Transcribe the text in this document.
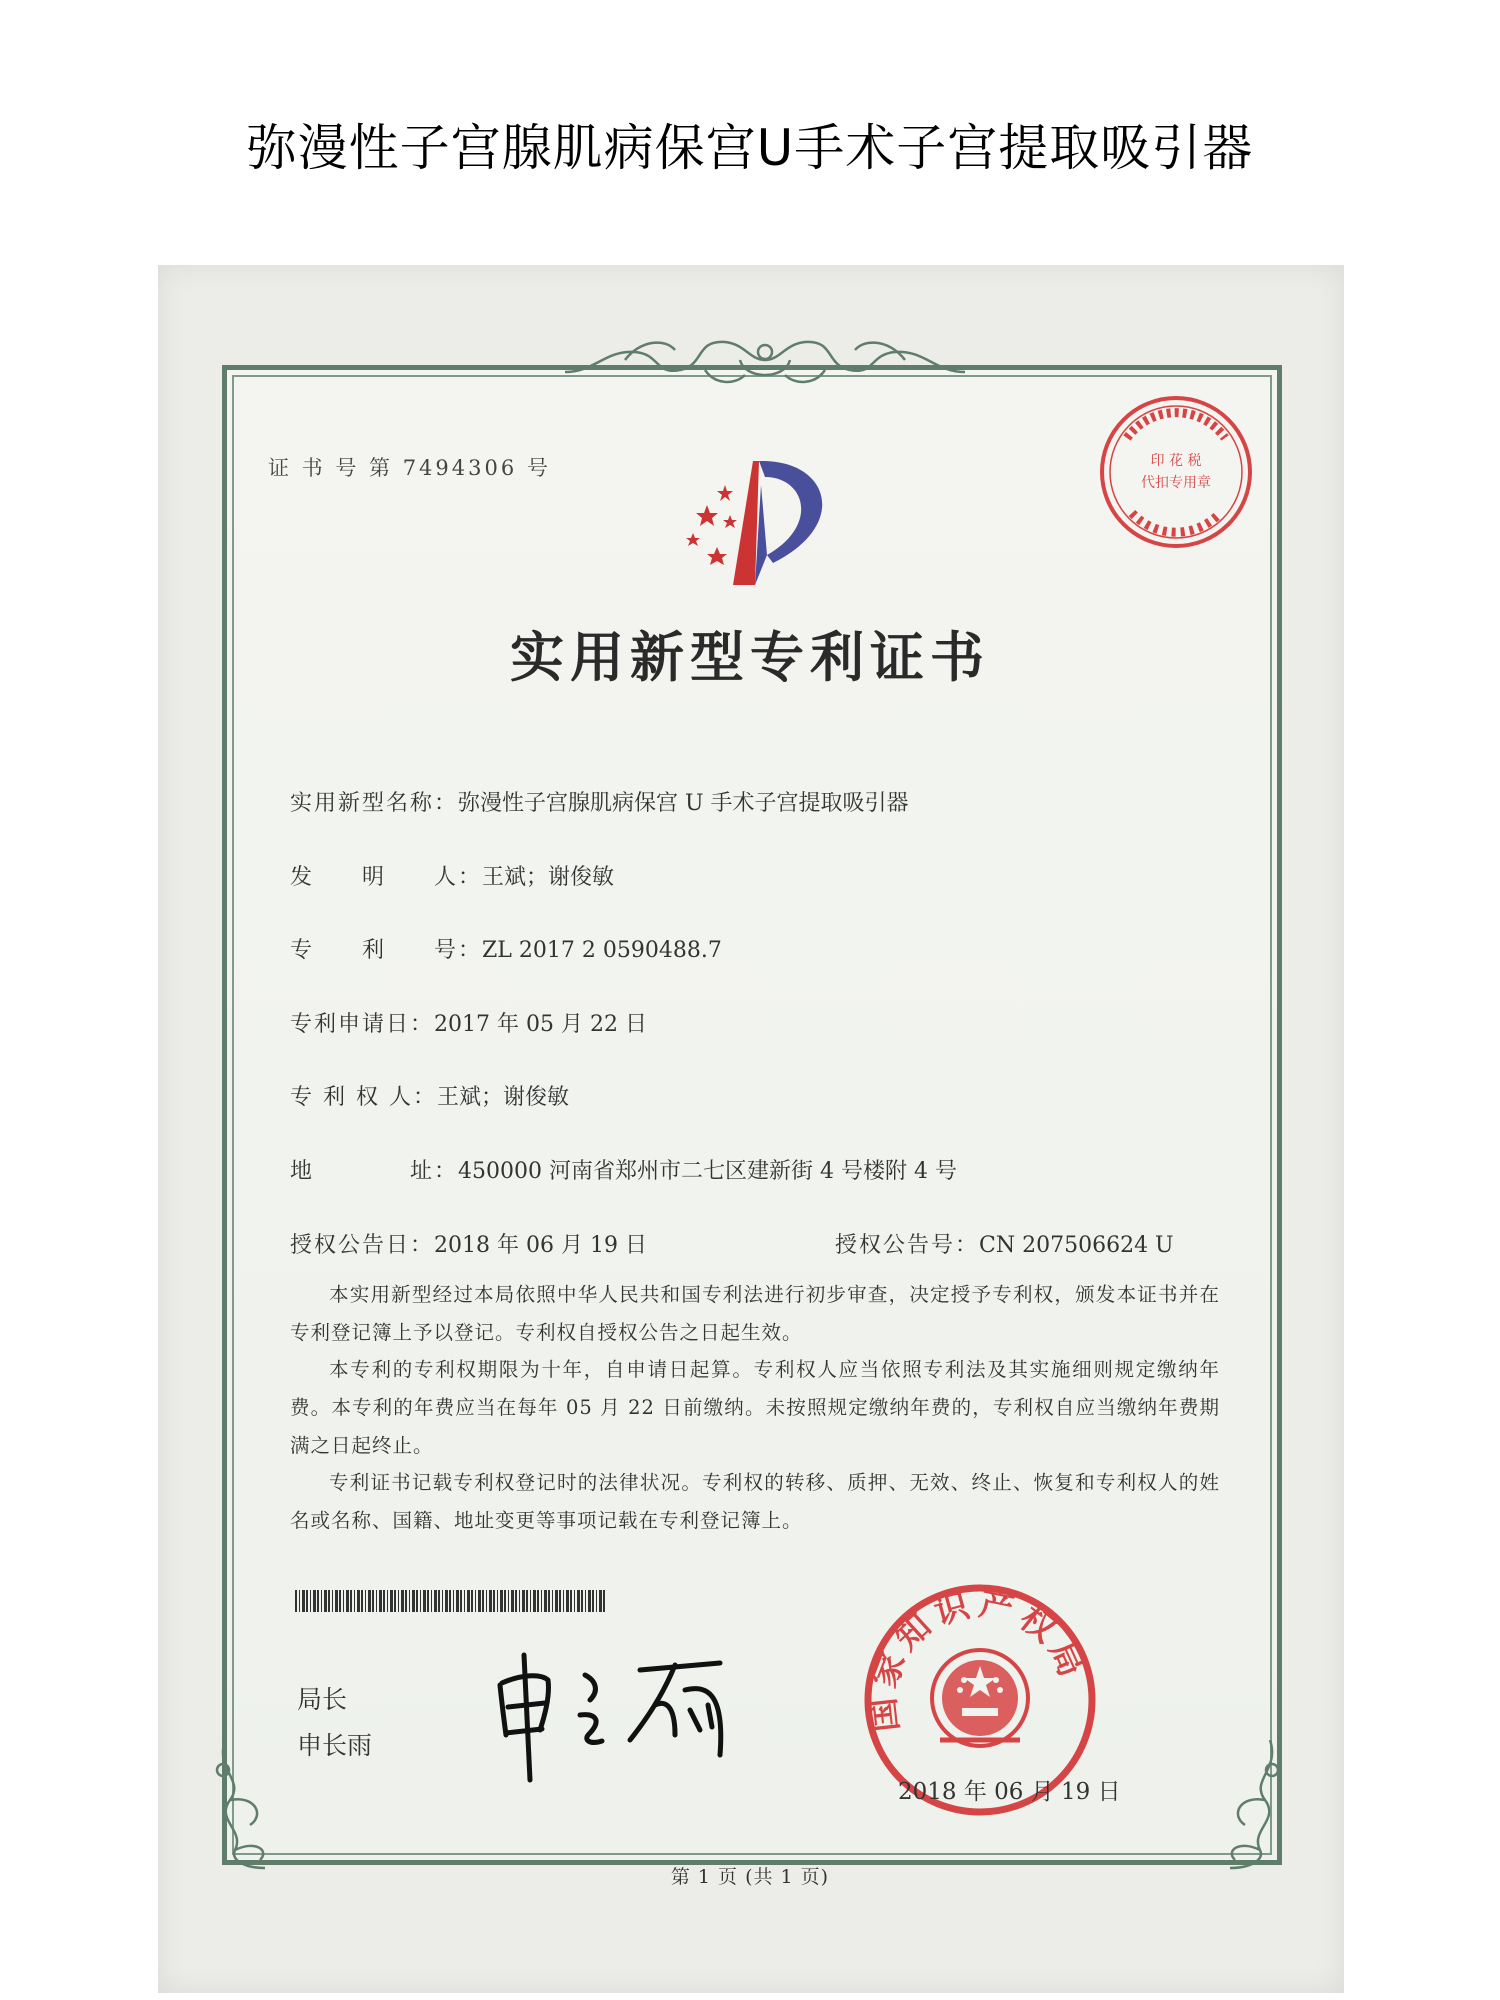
弥漫性子宫腺肌病保宫U手术子宫提取吸引器
证 书 号 第 7494306 号	印 花 税
代扣专用章
实用新型专利证书
实用新型名称：弥漫性子宫腺肌病保宫 U 手术子宫提取吸引器
发　　明　　人：王斌；谢俊敏
专　　利　　号：ZL 2017 2 0590488.7
专利申请日：2017 年 05 月 22 日
专 利 权 人：王斌；谢俊敏
地　　　　址：450000 河南省郑州市二七区建新街 4 号楼附 4 号
授权公告日：2018 年 06 月 19 日	授权公告号：CN 207506624 U
本实用新型经过本局依照中华人民共和国专利法进行初步审查，决定授予专利权，颁发本证书并在专利登记簿上予以登记。专利权自授权公告之日起生效。
本专利的专利权期限为十年，自申请日起算。专利权人应当依照专利法及其实施细则规定缴纳年费。本专利的年费应当在每年 05 月 22 日前缴纳。未按照规定缴纳年费的，专利权自应当缴纳年费期满之日起终止。
专利证书记载专利权登记时的法律状况。专利权的转移、质押、无效、终止、恢复和专利权人的姓名或名称、国籍、地址变更等事项记载在专利登记簿上。
局长
申长雨
国家知识产权局
2018 年 06 月 19 日
第 1 页 (共 1 页)
